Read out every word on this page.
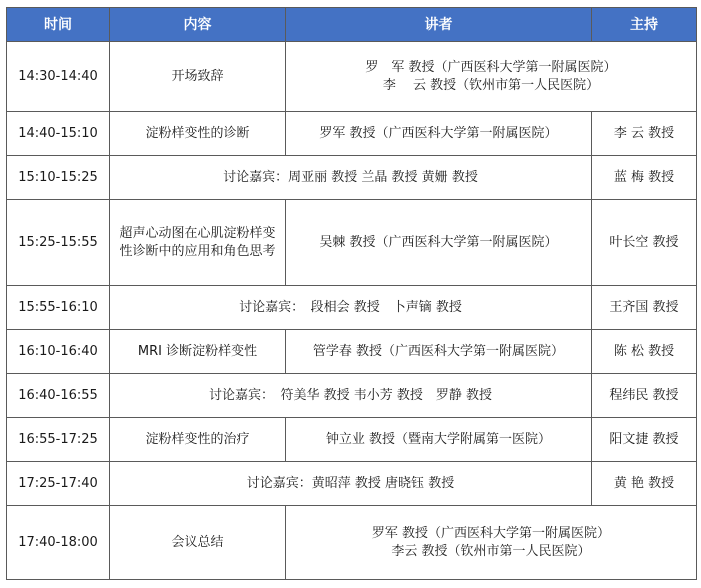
时间	内容	讲者	主持
14:30-14:40	开场致辞	罗　军 教授（广西医科大学第一附属医院）
李　 云 教授（钦州市第一人民医院）	

14:40-15:10	淀粉样变性的诊断	罗军 教授（广西医科大学第一附属医院）	李 云 教授
15:10-15:25	讨论嘉宾：周亚丽 教授 兰晶 教授 黄姗 教授		蓝 梅 教授
15:25-15:55	超声心动图在心肌淀粉样变性诊断中的应用和角色思考	吴棘 教授（广西医科大学第一附属医院）	叶长空 教授
15:55-16:10	讨论嘉宾：　段相会 教授　卜声镝 教授		王齐国 教授
16:10-16:40	MRI 诊断淀粉样变性	管学春 教授（广西医科大学第一附属医院）	陈 松 教授
16:40-16:55	讨论嘉宾：　符美华 教授 韦小芳 教授　罗静 教授		程纬民 教授
16:55-17:25	淀粉样变性的治疗	钟立业 教授（暨南大学附属第一医院）	阳文捷 教授
17:25-17:40	讨论嘉宾：黄昭萍 教授 唐晓钰 教授		黄 艳 教授
17:40-18:00	会议总结	罗军 教授（广西医科大学第一附属医院）
李云 教授（钦州市第一人民医院）	
